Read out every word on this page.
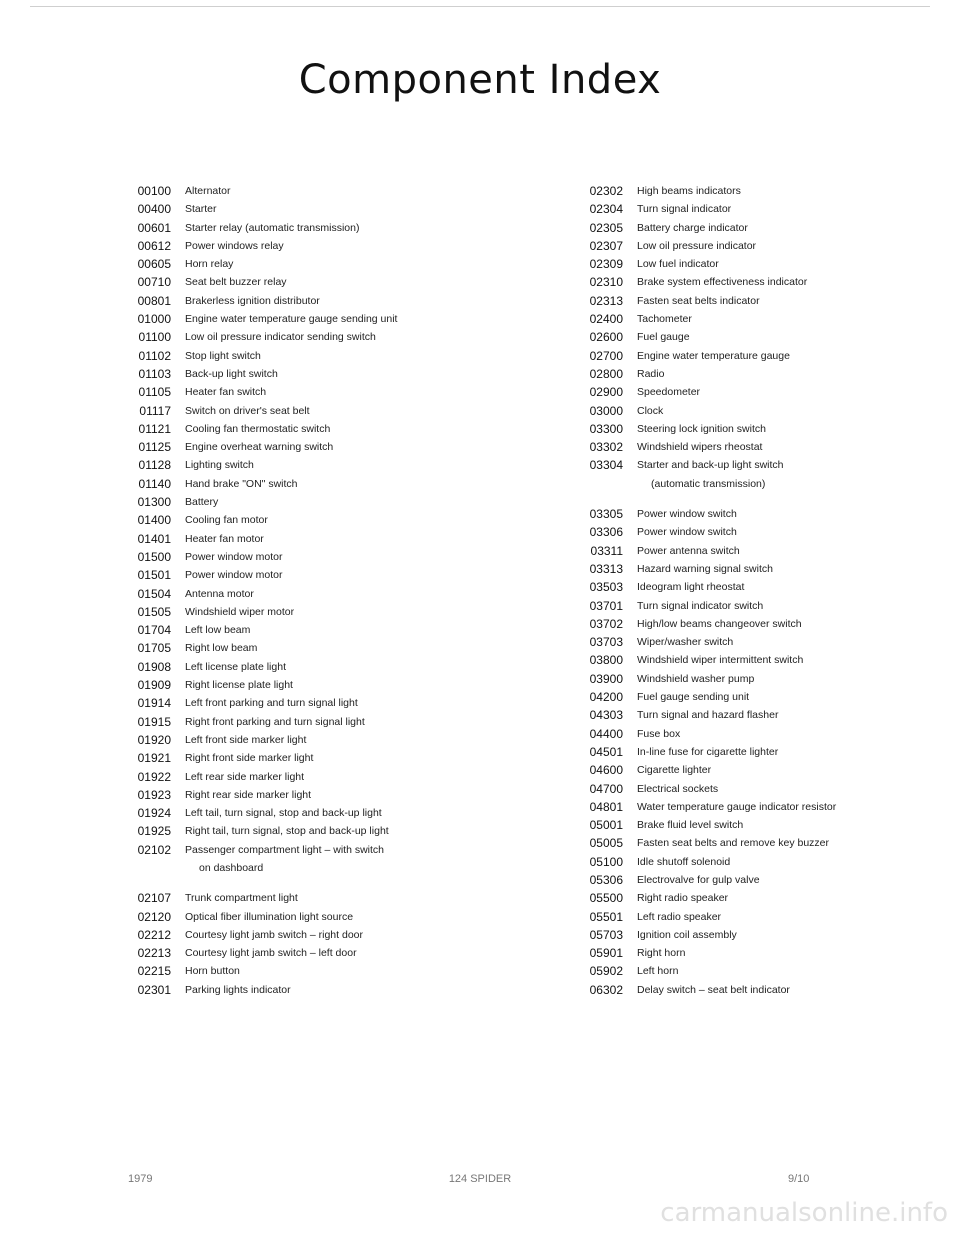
Component Index
00100	Alternator
00400	Starter
00601	Starter relay (automatic transmission)
00612	Power windows relay
00605	Horn relay
00710	Seat belt buzzer relay
00801	Brakerless ignition distributor
01000	Engine water temperature gauge sending unit
01100	Low oil pressure indicator sending switch
01102	Stop light switch
01103	Back-up light switch
01105	Heater fan switch
01117	Switch on driver's seat belt
01121	Cooling fan thermostatic switch
01125	Engine overheat warning switch
01128	Lighting switch
01140	Hand brake "ON" switch
01300	Battery
01400	Cooling fan motor
01401	Heater fan motor
01500	Power window motor
01501	Power window motor
01504	Antenna motor
01505	Windshield wiper motor
01704	Left low beam
01705	Right low beam
01908	Left license plate light
01909	Right license plate light
01914	Left front parking and turn signal light
01915	Right front parking and turn signal light
01920	Left front side marker light
01921	Right front side marker light
01922	Left rear side marker light
01923	Right rear side marker light
01924	Left tail, turn signal, stop and back-up light
01925	Right tail, turn signal, stop and back-up light
02102	Passenger compartment light – with switch
on dashboard
02107	Trunk compartment light
02120	Optical fiber illumination light source
02212	Courtesy light jamb switch – right door
02213	Courtesy light jamb switch – left door
02215	Horn button
02301	Parking lights indicator
02302	High beams indicators
02304	Turn signal indicator
02305	Battery charge indicator
02307	Low oil pressure indicator
02309	Low fuel indicator
02310	Brake system effectiveness indicator
02313	Fasten seat belts indicator
02400	Tachometer
02600	Fuel gauge
02700	Engine water temperature gauge
02800	Radio
02900	Speedometer
03000	Clock
03300	Steering lock ignition switch
03302	Windshield wipers rheostat
03304	Starter and back-up light switch
(automatic transmission)
03305	Power window switch
03306	Power window switch
03311	Power antenna switch
03313	Hazard warning signal switch
03503	Ideogram light rheostat
03701	Turn signal indicator switch
03702	High/low beams changeover switch
03703	Wiper/washer switch
03800	Windshield wiper intermittent switch
03900	Windshield washer pump
04200	Fuel gauge sending unit
04303	Turn signal and hazard flasher
04400	Fuse box
04501	In-line fuse for cigarette lighter
04600	Cigarette lighter
04700	Electrical sockets
04801	Water temperature gauge indicator resistor
05001	Brake fluid level switch
05005	Fasten seat belts and remove key buzzer
05100	Idle shutoff solenoid
05306	Electrovalve for gulp valve
05500	Right radio speaker
05501	Left radio speaker
05703	Ignition coil assembly
05901	Right horn
05902	Left horn
06302	Delay switch – seat belt indicator
1979	124 SPIDER	9/10
carmanualsonline.info
